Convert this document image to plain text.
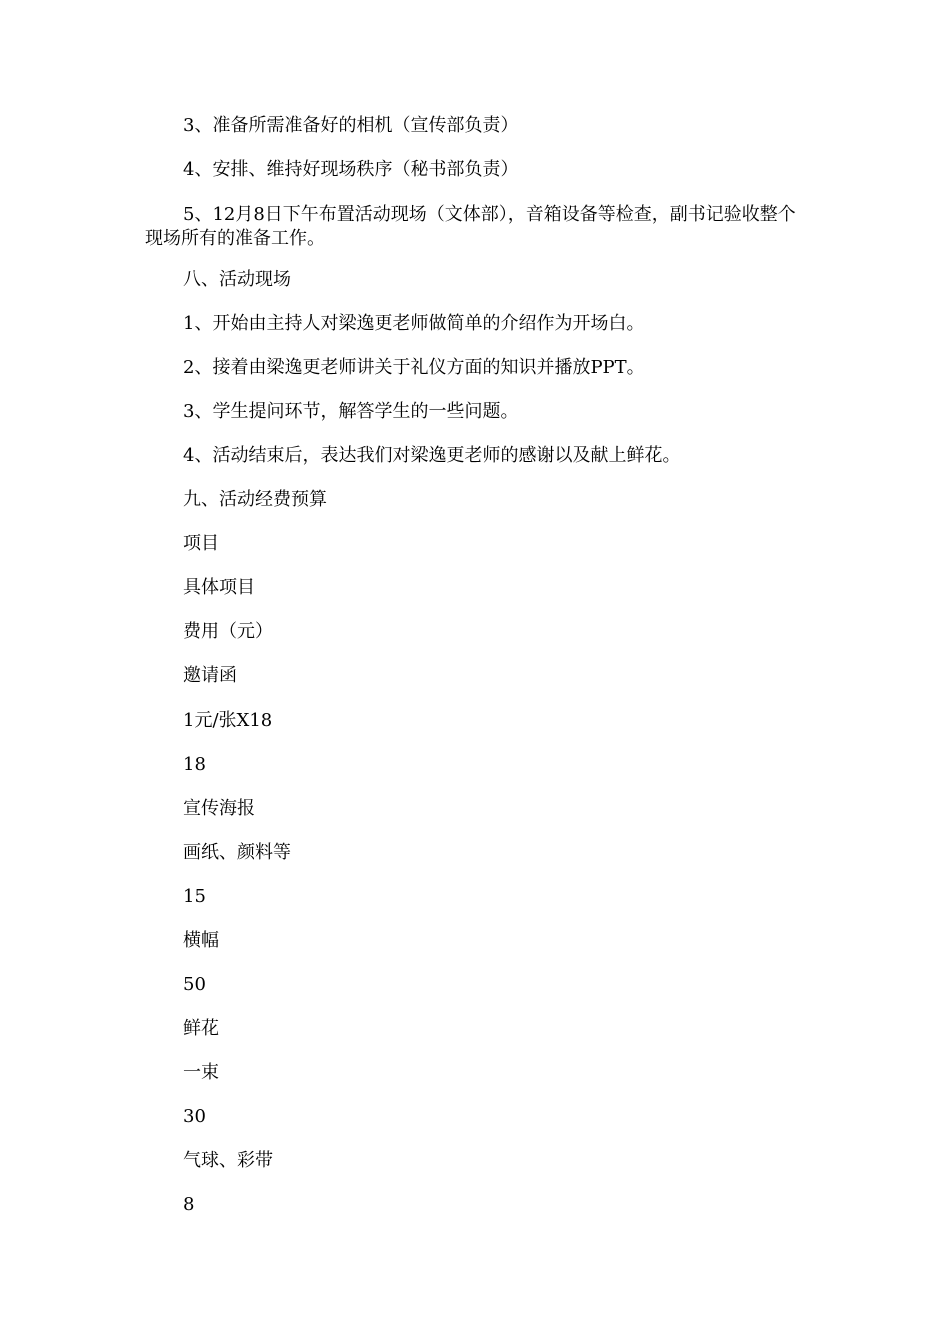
3、准备所需准备好的相机（宣传部负责）
4、安排、维持好现场秩序（秘书部负责）
5、12月8日下午布置活动现场（文体部），音箱设备等检查，副书记验收整个现场所有的准备工作。
八、活动现场
1、开始由主持人对梁逸更老师做简单的介绍作为开场白。
2、接着由梁逸更老师讲关于礼仪方面的知识并播放PPT。
3、学生提问环节，解答学生的一些问题。
4、活动结束后，表达我们对梁逸更老师的感谢以及献上鲜花。
九、活动经费预算
项目
具体项目
费用（元）
邀请函
1元/张X18
18
宣传海报
画纸、颜料等
15
横幅
50
鲜花
一束
30
气球、彩带
8
